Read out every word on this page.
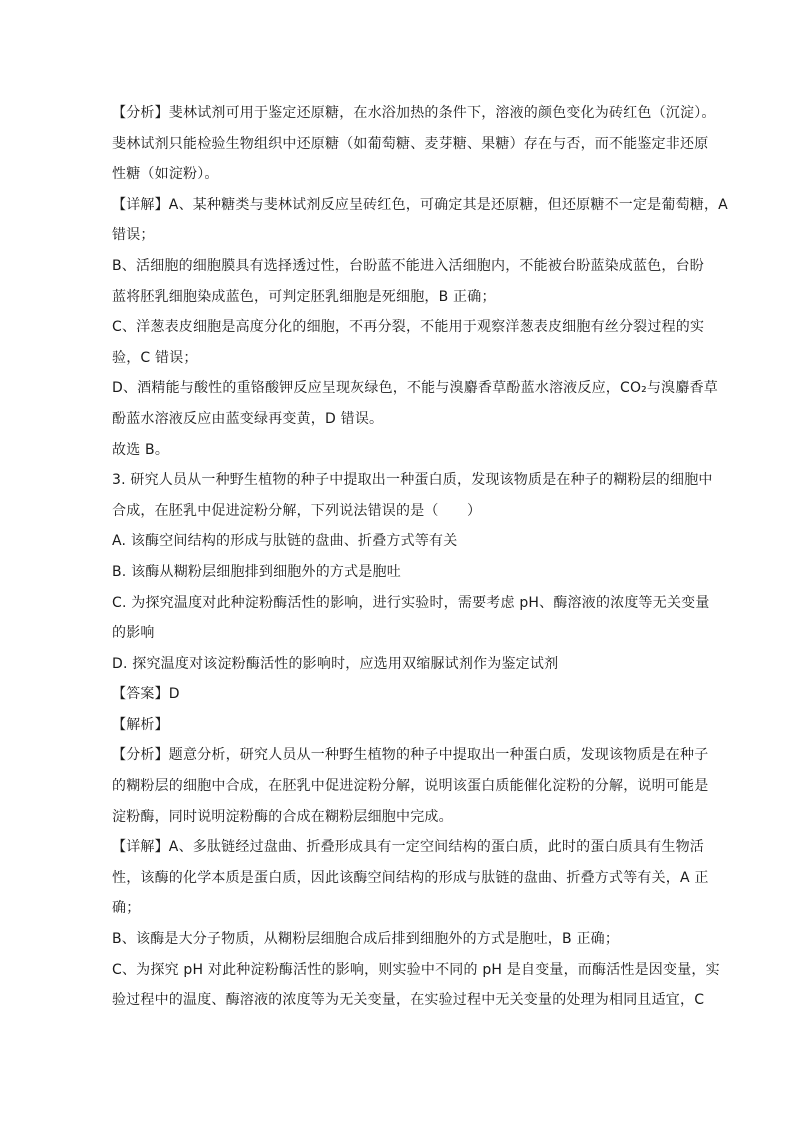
【分析】斐林试剂可用于鉴定还原糖，在水浴加热的条件下，溶液的颜色变化为砖红色（沉淀）。
斐林试剂只能检验生物组织中还原糖（如葡萄糖、麦芽糖、果糖）存在与否，而不能鉴定非还原
性糖（如淀粉）。
【详解】A、某种糖类与斐林试剂反应呈砖红色，可确定其是还原糖，但还原糖不一定是葡萄糖，A
错误；
B、活细胞的细胞膜具有选择透过性，台盼蓝不能进入活细胞内，不能被台盼蓝染成蓝色，台盼
蓝将胚乳细胞染成蓝色，可判定胚乳细胞是死细胞，B 正确；
C、洋葱表皮细胞是高度分化的细胞，不再分裂，不能用于观察洋葱表皮细胞有丝分裂过程的实
验，C 错误；
D、酒精能与酸性的重铬酸钾反应呈现灰绿色，不能与溴麝香草酚蓝水溶液反应，CO₂与溴麝香草
酚蓝水溶液反应由蓝变绿再变黄，D 错误。
故选 B。
3. 研究人员从一种野生植物的种子中提取出一种蛋白质，发现该物质是在种子的糊粉层的细胞中
合成，在胚乳中促进淀粉分解，下列说法错误的是（　　）
A. 该酶空间结构的形成与肽链的盘曲、折叠方式等有关
B. 该酶从糊粉层细胞排到细胞外的方式是胞吐
C. 为探究温度对此种淀粉酶活性的影响，进行实验时，需要考虑 pH、酶溶液的浓度等无关变量
的影响
D. 探究温度对该淀粉酶活性的影响时，应选用双缩脲试剂作为鉴定试剂
【答案】D
【解析】
【分析】题意分析，研究人员从一种野生植物的种子中提取出一种蛋白质，发现该物质是在种子
的糊粉层的细胞中合成，在胚乳中促进淀粉分解，说明该蛋白质能催化淀粉的分解，说明可能是
淀粉酶，同时说明淀粉酶的合成在糊粉层细胞中完成。
【详解】A、多肽链经过盘曲、折叠形成具有一定空间结构的蛋白质，此时的蛋白质具有生物活
性，该酶的化学本质是蛋白质，因此该酶空间结构的形成与肽链的盘曲、折叠方式等有关，A 正
确；
B、该酶是大分子物质，从糊粉层细胞合成后排到细胞外的方式是胞吐，B 正确；
C、为探究 pH 对此种淀粉酶活性的影响，则实验中不同的 pH 是自变量，而酶活性是因变量，实
验过程中的温度、酶溶液的浓度等为无关变量，在实验过程中无关变量的处理为相同且适宜，C
